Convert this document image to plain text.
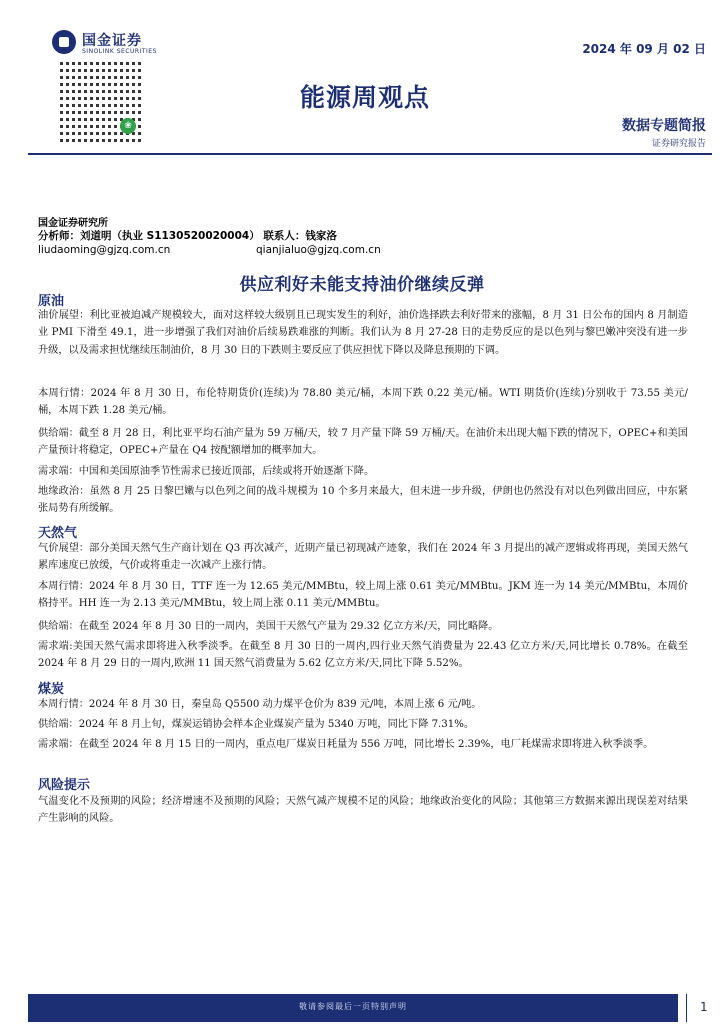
国金证券
SINOLINK SECURITIES
❀
2024 年 09 月 02 日
能源周观点
数据专题简报
证券研究报告
国金证券研究所
分析师：刘道明（执业 S1130520020004） 联系人：钱家洛
liudaoming@gjzq.com.cn	qianjialuo@gjzq.com.cn
供应利好未能支持油价继续反弹
原油
油价展望：利比亚被迫减产规模较大，面对这样较大级别且已现实发生的利好，油价选择跌去利好带来的涨幅，8 月 31 日公布的国内 8 月制造业 PMI 下滑至 49.1，进一步增强了我们对油价后续易跌难涨的判断。我们认为 8 月 27-28 日的走势反应的是以色列与黎巴嫩冲突没有进一步升级，以及需求担忧继续压制油价，8 月 30 日的下跌则主要反应了供应担忧下降以及降息预期的下调。
本周行情：2024 年 8 月 30 日，布伦特期货价(连续)为 78.80 美元/桶，本周下跌 0.22 美元/桶。WTI 期货价(连续)分别收于 73.55 美元/桶，本周下跌 1.28 美元/桶。
供给端：截至 8 月 28 日，利比亚平均石油产量为 59 万桶/天，较 7 月产量下降 59 万桶/天。在油价未出现大幅下跌的情况下，OPEC+和美国产量预计将稳定，OPEC+产量在 Q4 按配额增加的概率加大。
需求端：中国和美国原油季节性需求已接近顶部，后续或将开始逐渐下降。
地缘政治：虽然 8 月 25 日黎巴嫩与以色列之间的战斗规模为 10 个多月来最大，但未进一步升级，伊朗也仍然没有对以色列做出回应，中东紧张局势有所缓解。
天然气
气价展望：部分美国天然气生产商计划在 Q3 再次减产，近期产量已初现减产迹象，我们在 2024 年 3 月提出的减产逻辑或将再现，美国天然气累库速度已放缓，气价或将重走一次减产上涨行情。
本周行情：2024 年 8 月 30 日，TTF 连一为 12.65 美元/MMBtu，较上周上涨 0.61 美元/MMBtu。JKM 连一为 14 美元/MMBtu，本周价格持平。HH 连一为 2.13 美元/MMBtu，较上周上涨 0.11 美元/MMBtu。
供给端：在截至 2024 年 8 月 30 日的一周内，美国干天然气产量为 29.32 亿立方米/天，同比略降。
需求端:美国天然气需求即将进入秋季淡季。在截至 8 月 30 日的一周内,四行业天然气消费量为 22.43 亿立方米/天,同比增长 0.78%。在截至 2024 年 8 月 29 日的一周内,欧洲 11 国天然气消费量为 5.62 亿立方米/天,同比下降 5.52%。
煤炭
本周行情：2024 年 8 月 30 日，秦皇岛 Q5500 动力煤平仓价为 839 元/吨，本周上涨 6 元/吨。
供给端：2024 年 8 月上旬，煤炭运销协会样本企业煤炭产量为 5340 万吨，同比下降 7.31%。
需求端：在截至 2024 年 8 月 15 日的一周内，重点电厂煤炭日耗量为 556 万吨，同比增长 2.39%，电厂耗煤需求即将进入秋季淡季。
风险提示
气温变化不及预期的风险；经济增速不及预期的风险；天然气减产规模不足的风险；地缘政治变化的风险；其他第三方数据来源出现误差对结果产生影响的风险。
敬请参阅最后一页特别声明	1
